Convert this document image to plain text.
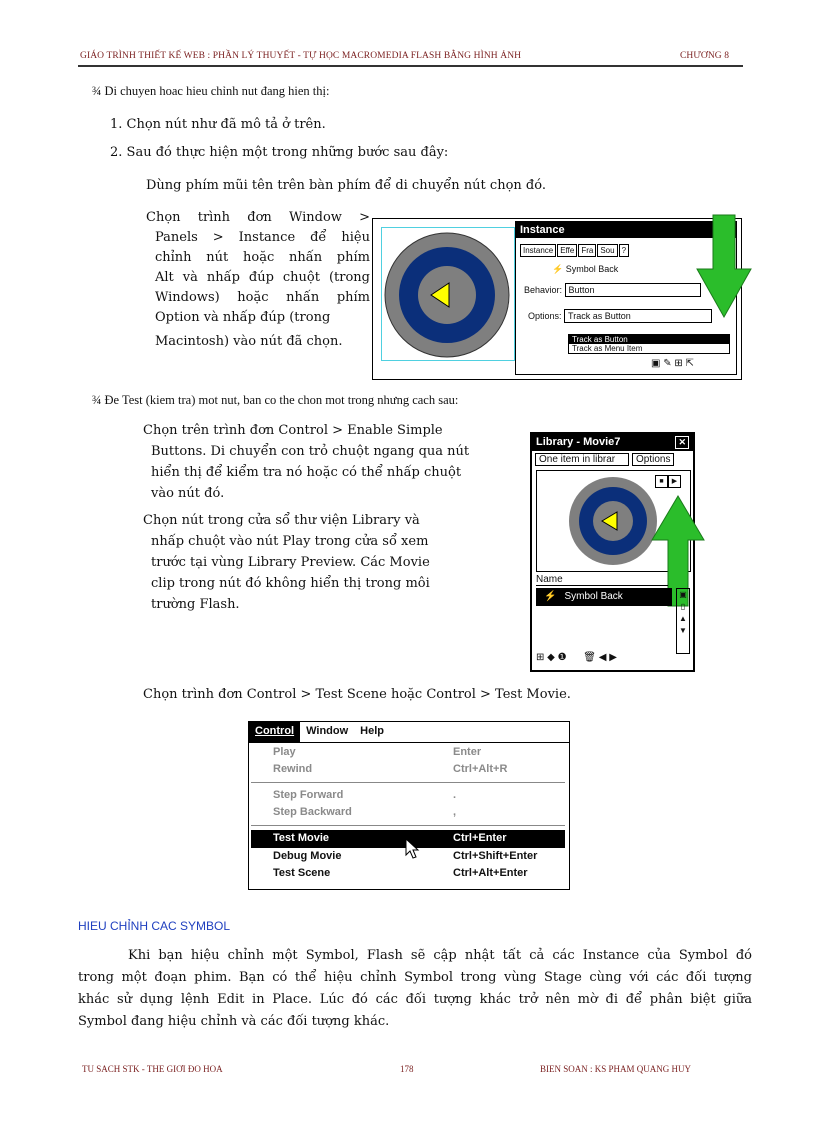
GIÁO TRÌNH THIẾT KẾ WEB : PHẦN LÝ THUYẾT - TỰ HỌC MACROMEDIA FLASH BẰNG HÌNH ẢNH	CHƯƠNG 8
¾ Di chuyen hoac hieu chỉnh nut đang hien thị:
1. Chọn nút như đã mô tả ở trên.
2. Sau đó thực hiện một trong những bước sau đây:
Dùng phím mũi tên trên bàn phím để di chuyển nút chọn đó.
Chọn trình đơn Window >
Panels > Instance để hiệu
chỉnh nút hoặc nhấn phím
Alt và nhấp đúp chuột (trong
Windows) hoặc nhấn phím
Option và nhấp đúp (trong
Macintosh) vào nút đã chọn.
Instance
Instance Effe Fra Sou ?
⚡ Symbol Back
Behavior: Button
Options: Track as Button
Track as Button
Track as Menu Item
▣ ✎ ⊞ ⇱
¾ Đe Test (kiem tra) mot nut, ban co the chon mot trong nhưng cach sau:
Chọn trên trình đơn Control > Enable Simple
Buttons. Di chuyển con trỏ chuột ngang qua nút
hiển thị để kiểm tra nó hoặc có thể nhấp chuột
vào nút đó.
Chọn nút trong cửa sổ thư viện Library và
nhấp chuột vào nút Play trong cửa sổ xem
trước tại vùng Library Preview. Các Movie
clip trong nút đó không hiển thị trong môi
trường Flash.
Library - Movie7	✕
One item in librar	Options
■	▶
Name
⚡ Symbol Back	▣
▯
▲
▼
⊞ ◆ ❶      🗑 ◀ ▶
Chọn trình đơn Control > Test Scene hoặc Control > Test Movie.
Control	Window	Help
Play	Enter
Rewind	Ctrl+Alt+R
Step Forward	.
Step Backward	,
Test Movie	Ctrl+Enter
Debug Movie	Ctrl+Shift+Enter
Test Scene	Ctrl+Alt+Enter
HIEU CHỈNH CAC SYMBOL
Khi bạn hiệu chỉnh một Symbol, Flash sẽ cập nhật tất cả các Instance của Symbol đó
trong một đoạn phim. Bạn có thể hiệu chỉnh Symbol trong vùng Stage cùng với các đối tượng
khác sử dụng lệnh Edit in Place. Lúc đó các đối tượng khác trở nên mờ đi để phân biệt giữa
Symbol đang hiệu chỉnh và các đối tượng khác.
TU SACH STK - THE GIƠI ĐO HOA	178	BIEN SOAN : KS PHAM QUANG HUY
